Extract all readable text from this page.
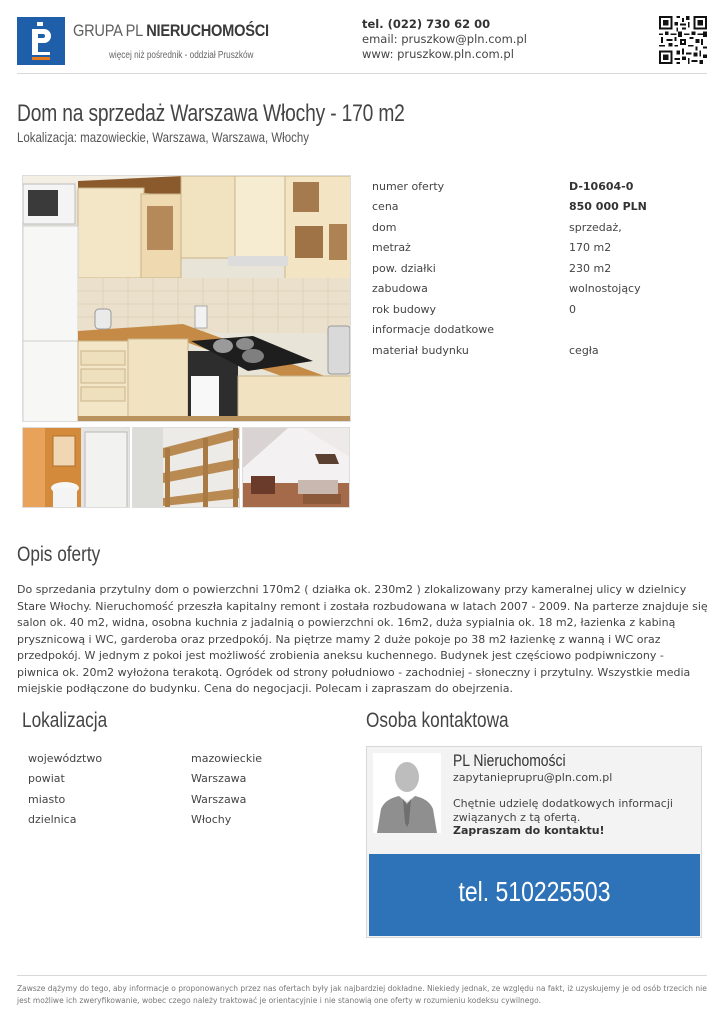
GRUPA PL NIERUCHOMOŚCI
więcej niż pośrednik - oddział Pruszków
tel. (022) 730 62 00
email: pruszkow@pln.com.pl
www: pruszkow.pln.com.pl
Dom na sprzedaż Warszawa Włochy - 170 m2
Lokalizacja: mazowieckie, Warszawa, Warszawa, Włochy
numer oferty	D-10604-0
cena	850 000 PLN
dom	sprzedaż,
metraż	170 m2
pow. działki	230 m2
zabudowa	wolnostojący
rok budowy	0
informacje dodatkowe
materiał budynku	cegła
Opis oferty
Do sprzedania przytulny dom o powierzchni 170m2 ( działka ok. 230m2 ) zlokalizowany przy kameralnej ulicy w dzielnicy Stare Włochy. Nieruchomość przeszła kapitalny remont i została rozbudowana w latach 2007 - 2009. Na parterze znajduje się salon ok. 40 m2, widna, osobna kuchnia z jadalnią o powierzchni ok. 16m2, duża sypialnia ok. 18 m2, łazienka z kabiną prysznicową i WC, garderoba oraz przedpokój. Na piętrze mamy 2 duże pokoje po 38 m2 łazienkę z wanną i WC oraz przedpokój. W jednym z pokoi jest możliwość zrobienia aneksu kuchennego. Budynek jest częściowo podpiwniczony - piwnica ok. 20m2 wyłożona terakotą. Ogródek od strony południowo - zachodniej - słoneczny i przytulny. Wszystkie media miejskie podłączone do budynku. Cena do negocjacji. Polecam i zapraszam do obejrzenia.
Lokalizacja
województwo	mazowieckie
powiat	Warszawa
miasto	Warszawa
dzielnica	Włochy
Osoba kontaktowa
PL Nieruchomości
zapytanieprupru@pln.com.pl
Chętnie udzielę dodatkowych informacji związanych z tą ofertą.
Zapraszam do kontaktu!
tel. 510225503
Zawsze dążymy do tego, aby informacje o proponowanych przez nas ofertach były jak najbardziej dokładne. Niekiedy jednak, ze względu na fakt, iż uzyskujemy je od osób trzecich nie jest możliwe ich zweryfikowanie, wobec czego należy traktować je orientacyjnie i nie stanowią one oferty w rozumieniu kodeksu cywilnego.
